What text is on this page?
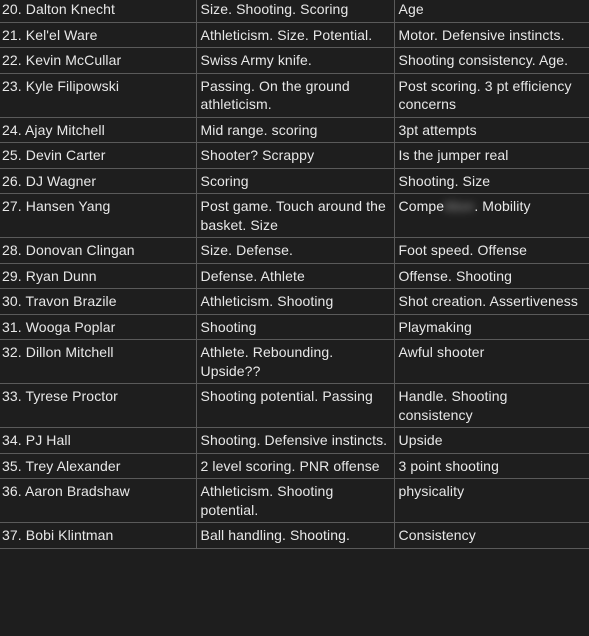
20. Dalton Knecht	Size. Shooting. Scoring	Age
21. Kel'el Ware	Athleticism. Size. Potential.	Motor. Defensive instincts.
22. Kevin McCullar	Swiss Army knife.	Shooting consistency. Age.
23. Kyle Filipowski	Passing. On the ground athleticism.	Post scoring. 3 pt efficiency concerns
24. Ajay Mitchell	Mid range. scoring	3pt attempts
25. Devin Carter	Shooter? Scrappy	Is the jumper real
26. DJ Wagner	Scoring	Shooting. Size
27. Hansen Yang	Post game. Touch around the basket. Size	Competition. Mobility
28. Donovan Clingan	Size. Defense.	Foot speed. Offense
29. Ryan Dunn	Defense. Athlete	Offense. Shooting
30. Travon Brazile	Athleticism. Shooting	Shot creation. Assertiveness
31. Wooga Poplar	Shooting	Playmaking
32. Dillon Mitchell	Athlete. Rebounding. Upside??	Awful shooter
33. Tyrese Proctor	Shooting potential. Passing	Handle. Shooting consistency
34. PJ Hall	Shooting. Defensive instincts.	Upside
35. Trey Alexander	2 level scoring. PNR offense	3 point shooting
36. Aaron Bradshaw	Athleticism. Shooting potential.	physicality
37. Bobi Klintman	Ball handling. Shooting.	Consistency
